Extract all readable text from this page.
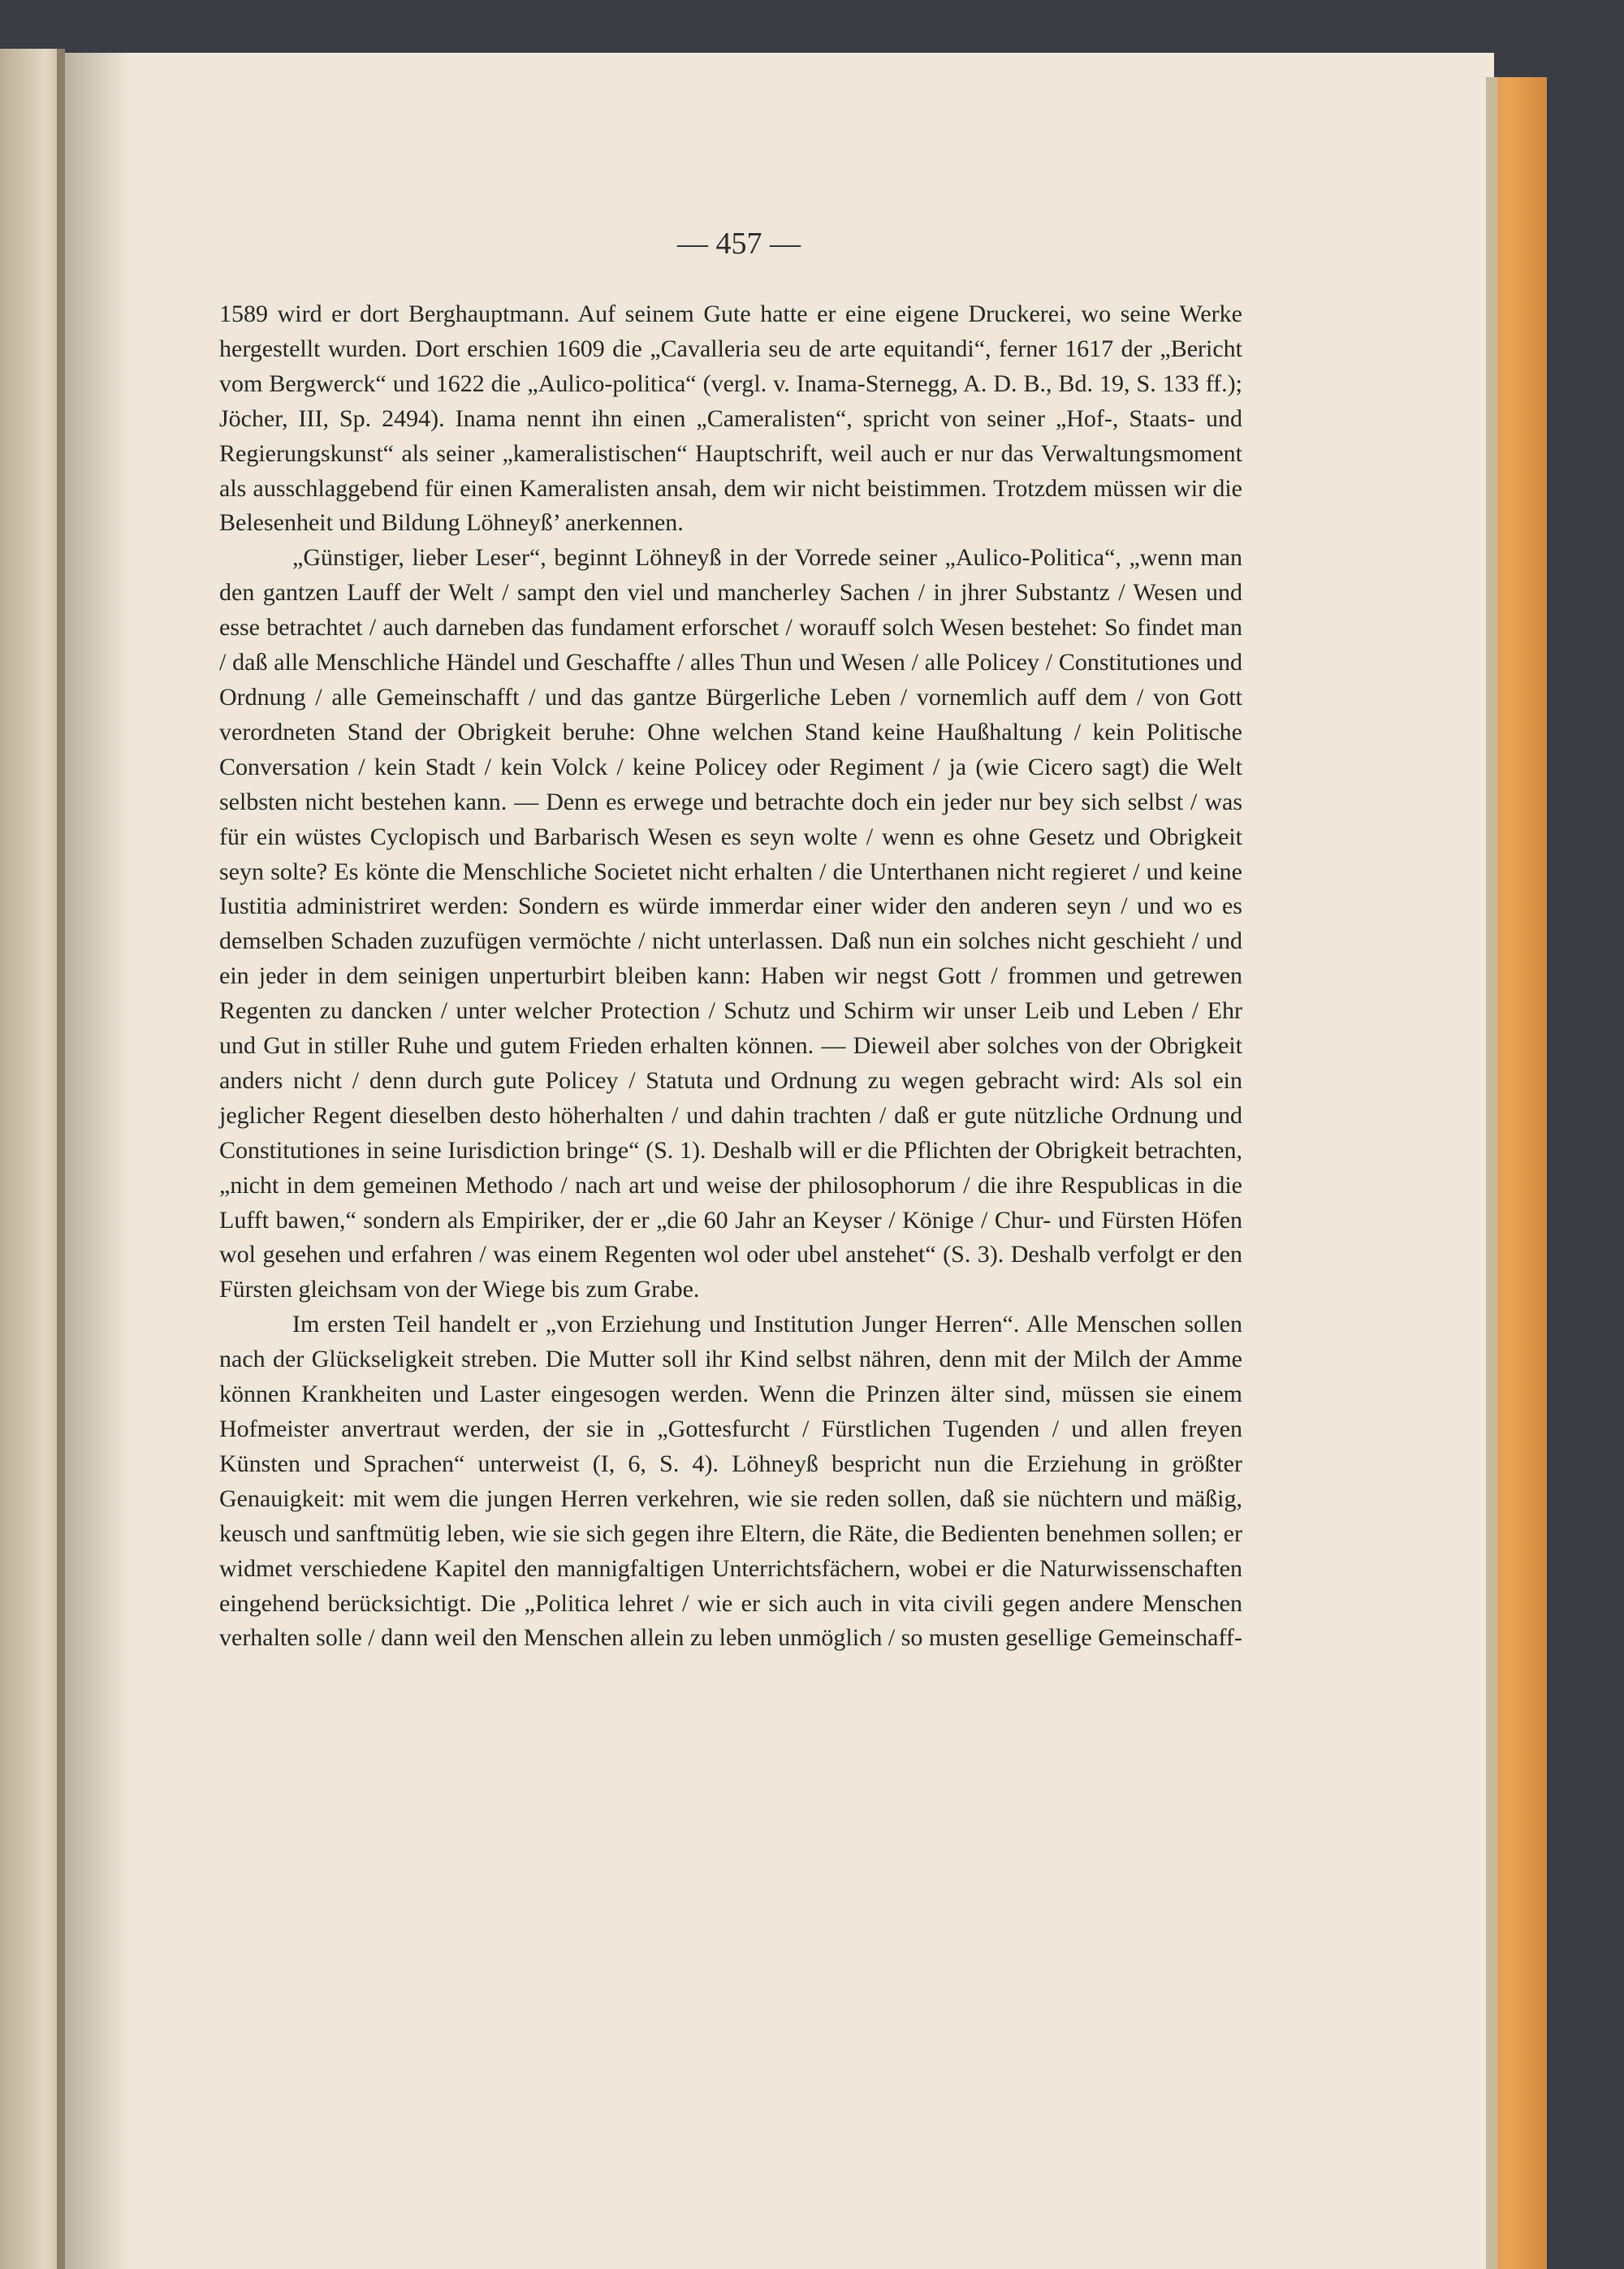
— 457 —

1589 wird er dort Berghauptmann. Auf seinem Gute hatte er eine eigene Druckerei, wo seine Werke hergestellt wurden. Dort erschien 1609 die „Cavalleria seu de arte equitandi“, ferner 1617 der „Bericht vom Bergwerck“ und 1622 die „Aulico-politica“ (vergl. v. Inama-Sternegg, A. D. B., Bd. 19, S. 133 ff.); Jöcher, III, Sp. 2494). Inama nennt ihn einen „Cameralisten“, spricht von seiner „Hof-, Staats- und Regierungskunst“ als seiner „kameralistischen“ Hauptschrift, weil auch er nur das Verwaltungsmoment als ausschlaggebend für einen Kameralisten ansah, dem wir nicht beistimmen. Trotzdem müssen wir die Belesenheit und Bildung Löhneyß’ anerkennen.

„Günstiger, lieber Leser“, beginnt Löhneyß in der Vorrede seiner „Aulico-Politica“, „wenn man den gantzen Lauff der Welt / sampt den viel und mancherley Sachen / in jhrer Substantz / Wesen und esse betrachtet / auch darneben das fundament erforschet / worauff solch Wesen bestehet: So findet man / daß alle Menschliche Händel und Geschaffte / alles Thun und Wesen / alle Policey / Constitutiones und Ordnung / alle Gemeinschafft / und das gantze Bürgerliche Leben / vornemlich auff dem / von Gott verordneten Stand der Obrigkeit beruhe: Ohne welchen Stand keine Haußhaltung / kein Politische Conversation / kein Stadt / kein Volck / keine Policey oder Regiment / ja (wie Cicero sagt) die Welt selbsten nicht bestehen kann. — Denn es erwege und betrachte doch ein jeder nur bey sich selbst / was für ein wüstes Cyclopisch und Barbarisch Wesen es seyn wolte / wenn es ohne Gesetz und Obrigkeit seyn solte? Es könte die Menschliche Societet nicht erhalten / die Unterthanen nicht regieret / und keine Iustitia administriret werden: Sondern es würde immerdar einer wider den anderen seyn / und wo es demselben Schaden zuzufügen vermöchte / nicht unterlassen. Daß nun ein solches nicht geschieht / und ein jeder in dem seinigen unperturbirt bleiben kann: Haben wir negst Gott / frommen und getrewen Regenten zu dancken / unter welcher Protection / Schutz und Schirm wir unser Leib und Leben / Ehr und Gut in stiller Ruhe und gutem Frieden erhalten können. — Dieweil aber solches von der Obrigkeit anders nicht / denn durch gute Policey / Statuta und Ordnung zu wegen gebracht wird: Als sol ein jeglicher Regent dieselben desto höherhalten / und dahin trachten / daß er gute nützliche Ordnung und Constitutiones in seine Iurisdiction bringe“ (S. 1). Deshalb will er die Pflichten der Obrigkeit betrachten, „nicht in dem gemeinen Methodo / nach art und weise der philosophorum / die ihre Respublicas in die Lufft bawen,“ sondern als Empiriker, der er „die 60 Jahr an Keyser / Könige / Chur- und Fürsten Höfen wol gesehen und erfahren / was einem Regenten wol oder ubel anstehet“ (S. 3). Deshalb verfolgt er den Fürsten gleichsam von der Wiege bis zum Grabe.

Im ersten Teil handelt er „von Erziehung und Institution Junger Herren“. Alle Menschen sollen nach der Glückseligkeit streben. Die Mutter soll ihr Kind selbst nähren, denn mit der Milch der Amme können Krankheiten und Laster eingesogen werden. Wenn die Prinzen älter sind, müssen sie einem Hofmeister anvertraut werden, der sie in „Gottesfurcht / Fürstlichen Tugenden / und allen freyen Künsten und Sprachen“ unterweist (I, 6, S. 4). Löhneyß bespricht nun die Erziehung in größter Genauigkeit: mit wem die jungen Herren verkehren, wie sie reden sollen, daß sie nüchtern und mäßig, keusch und sanftmütig leben, wie sie sich gegen ihre Eltern, die Räte, die Bedienten benehmen sollen; er widmet verschiedene Kapitel den mannigfaltigen Unterrichtsfächern, wobei er die Naturwissenschaften eingehend berücksichtigt. Die „Politica lehret / wie er sich auch in vita civili gegen andere Menschen verhalten solle / dann weil den Menschen allein zu leben unmöglich / so musten gesellige Gemeinschaff-
